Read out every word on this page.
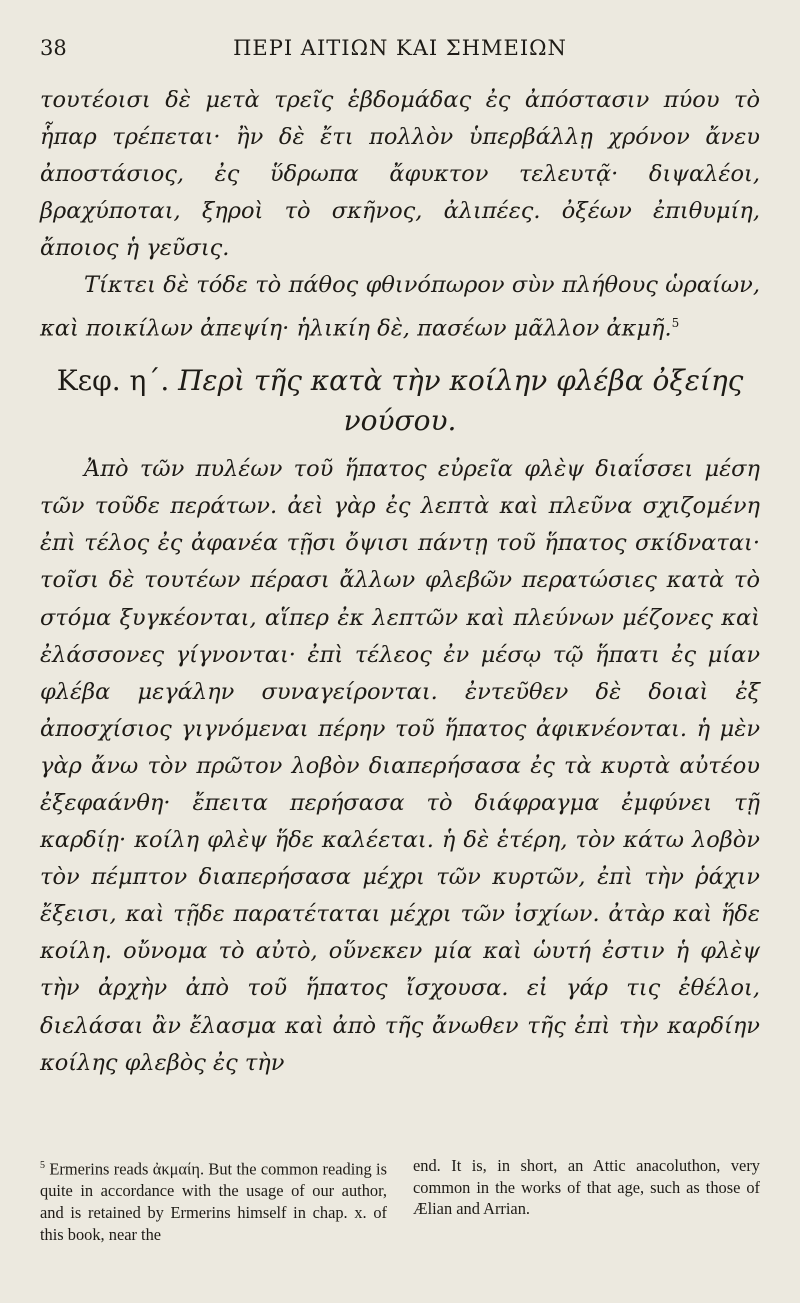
38	ΠΕΡΙ ΑΙΤΙΩΝ ΚΑΙ ΣΗΜΕΙΩΝ

τουτέοισι δὲ μετὰ τρεῖς ἑβδομάδας ἐς ἀπόστασιν πύου τὸ ἧπαρ τρέπεται· ἢν δὲ ἔτι πολλὸν ὑπερβάλλῃ χρόνον ἄνευ ἀποστάσιος, ἐς ὕδρωπα ἄφυκτον τελευτᾷ· διψαλέοι, βραχύποται, ξηροὶ τὸ σκῆνος, ἀλιπέες. ὀξέων ἐπιθυμίη, ἄποιος ἡ γεῦσις.

Τίκτει δὲ τόδε τὸ πάθος φθινόπωρον σὺν πλήθους ὡραίων, καὶ ποικίλων ἀπεψίη· ἡλικίη δὲ, πασέων μᾶλλον ἀκμῆ.$^5$

Κεφ. η΄. Περὶ τῆς κατὰ τὴν κοίλην φλέβα ὀξείης νούσου.

Ἀπὸ τῶν πυλέων τοῦ ἥπατος εὐρεῖα φλὲψ διαΐσσει μέση τῶν τοῦδε περάτων. ἀεὶ γὰρ ἐς λεπτὰ καὶ πλεῦνα σχιζομένη ἐπὶ τέλος ἐς ἀφανέα τῇσι ὄψισι πάντῃ τοῦ ἥπατος σκίδναται· τοῖσι δὲ τουτέων πέρασι ἄλλων φλεβῶν περατώσιες κατὰ τὸ στόμα ξυγκέονται, αἵπερ ἐκ λεπτῶν καὶ πλεύνων μέζονες καὶ ἐλάσσονες γίγνονται· ἐπὶ τέλεος ἐν μέσῳ τῷ ἥπατι ἐς μίαν φλέβα μεγάλην συναγείρονται. ἐντεῦθεν δὲ δοιαὶ ἐξ ἀποσχίσιος γιγνόμεναι πέρην τοῦ ἥπατος ἀφικνέονται. ἡ μὲν γὰρ ἄνω τὸν πρῶτον λοβὸν διαπερήσασα ἐς τὰ κυρτὰ αὐτέου ἐξεφαάνθη· ἔπειτα περήσασα τὸ διάφραγμα ἐμφύνει τῇ καρδίῃ· κοίλη φλὲψ ἥδε καλέεται. ἡ δὲ ἑτέρη, τὸν κάτω λοβὸν τὸν πέμπτον διαπερήσασα μέχρι τῶν κυρτῶν, ἐπὶ τὴν ῥάχιν ἔξεισι, καὶ τῇδε παρατέταται μέχρι τῶν ἰσχίων. ἀτὰρ καὶ ἥδε κοίλη. οὔνομα τὸ αὐτὸ, οὕνεκεν μία καὶ ὡυτή ἐστιν ἡ φλὲψ τὴν ἀρχὴν ἀπὸ τοῦ ἥπατος ἴσχουσα. εἰ γάρ τις ἐθέλοι, διελάσαι ἂν ἔλασμα καὶ ἀπὸ τῆς ἄνωθεν τῆς ἐπὶ τὴν καρδίην κοίλης φλεβὸς ἐς τὴν

$^5$ Ermerins reads ἀκμαίη. But the common reading is quite in accordance with the usage of our author, and is retained by Ermerins himself in chap. x. of this book, near the
end. It is, in short, an Attic anacoluthon, very common in the works of that age, such as those of Ælian and Arrian.
